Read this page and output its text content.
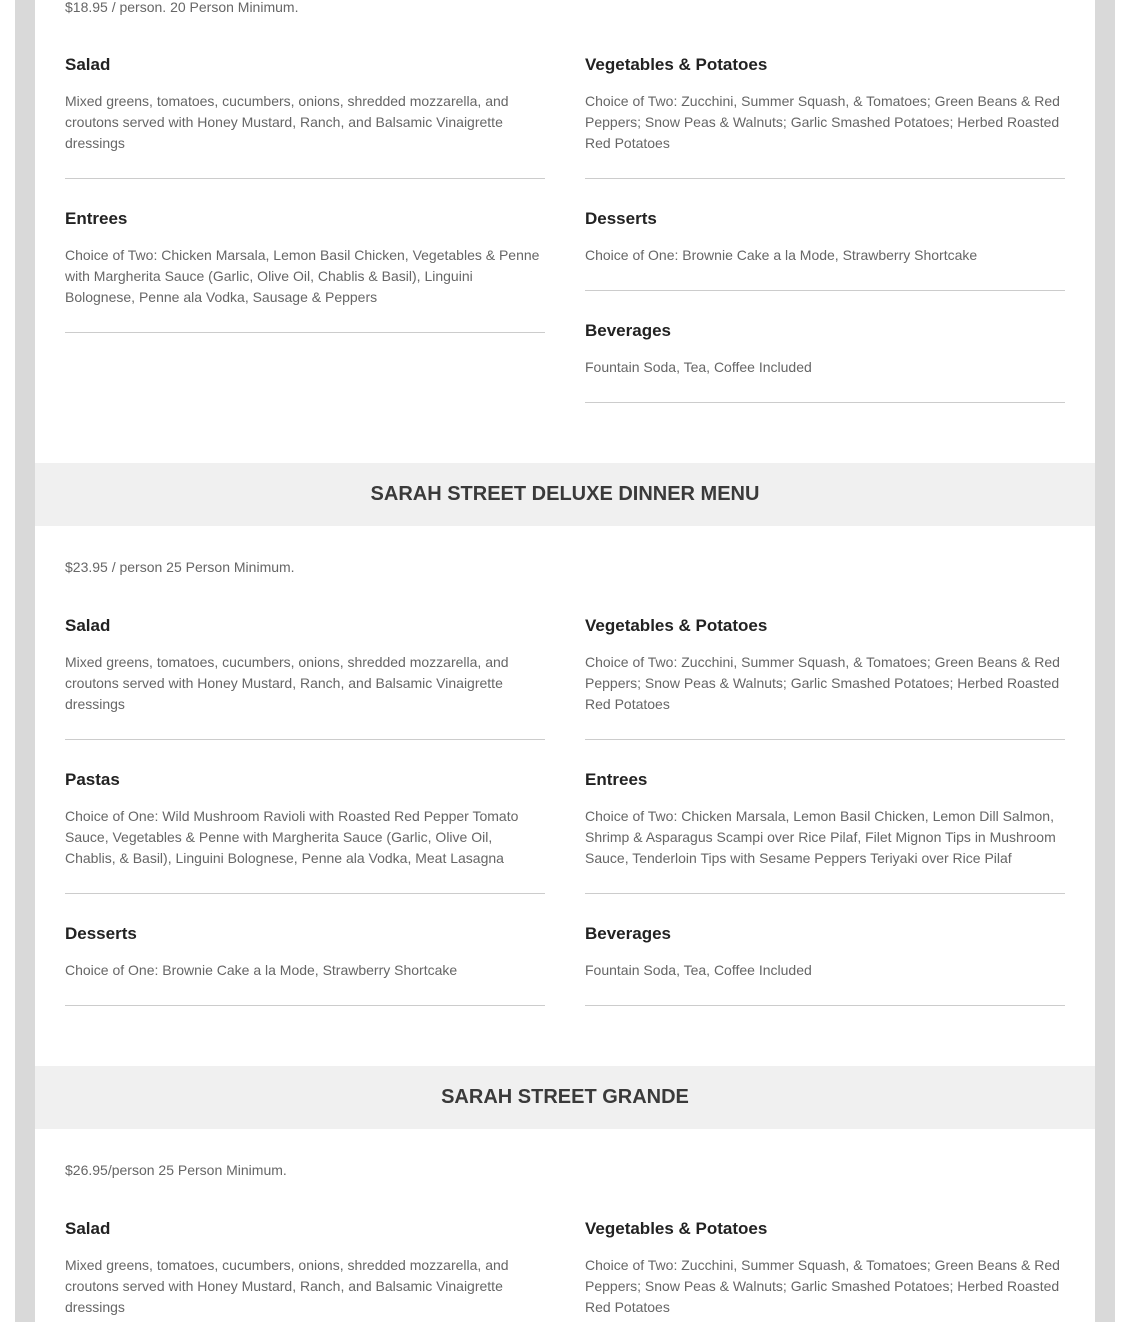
$18.95 / person. 20 Person Minimum.
Salad

Mixed greens, tomatoes, cucumbers, onions, shredded mozzarella, and croutons served with Honey Mustard, Ranch, and Balsamic Vinaigrette dressings

Vegetables & Potatoes

Choice of Two: Zucchini, Summer Squash, & Tomatoes; Green Beans & Red Peppers; Snow Peas & Walnuts; Garlic Smashed Potatoes; Herbed Roasted Red Potatoes

Entrees

Choice of Two: Chicken Marsala, Lemon Basil Chicken, Vegetables & Penne with Margherita Sauce (Garlic, Olive Oil, Chablis & Basil), Linguini Bolognese, Penne ala Vodka, Sausage & Peppers

Desserts

Choice of One: Brownie Cake a la Mode, Strawberry Shortcake

Beverages

Fountain Soda, Tea, Coffee Included

SARAH STREET DELUXE DINNER MENU
$23.95 / person 25 Person Minimum.
Salad

Mixed greens, tomatoes, cucumbers, onions, shredded mozzarella, and croutons served with Honey Mustard, Ranch, and Balsamic Vinaigrette dressings

Vegetables & Potatoes

Choice of Two: Zucchini, Summer Squash, & Tomatoes; Green Beans & Red Peppers; Snow Peas & Walnuts; Garlic Smashed Potatoes; Herbed Roasted Red Potatoes

Pastas

Choice of One: Wild Mushroom Ravioli with Roasted Red Pepper Tomato Sauce, Vegetables & Penne with Margherita Sauce (Garlic, Olive Oil, Chablis, & Basil), Linguini Bolognese, Penne ala Vodka, Meat Lasagna

Entrees

Choice of Two: Chicken Marsala, Lemon Basil Chicken, Lemon Dill Salmon, Shrimp & Asparagus Scampi over Rice Pilaf, Filet Mignon Tips in Mushroom Sauce, Tenderloin Tips with Sesame Peppers Teriyaki over Rice Pilaf

Desserts

Choice of One: Brownie Cake a la Mode, Strawberry Shortcake

Beverages

Fountain Soda, Tea, Coffee Included

SARAH STREET GRANDE
$26.95/person 25 Person Minimum.
Salad

Mixed greens, tomatoes, cucumbers, onions, shredded mozzarella, and croutons served with Honey Mustard, Ranch, and Balsamic Vinaigrette dressings

Vegetables & Potatoes

Choice of Two: Zucchini, Summer Squash, & Tomatoes; Green Beans & Red Peppers; Snow Peas & Walnuts; Garlic Smashed Potatoes; Herbed Roasted Red Potatoes
